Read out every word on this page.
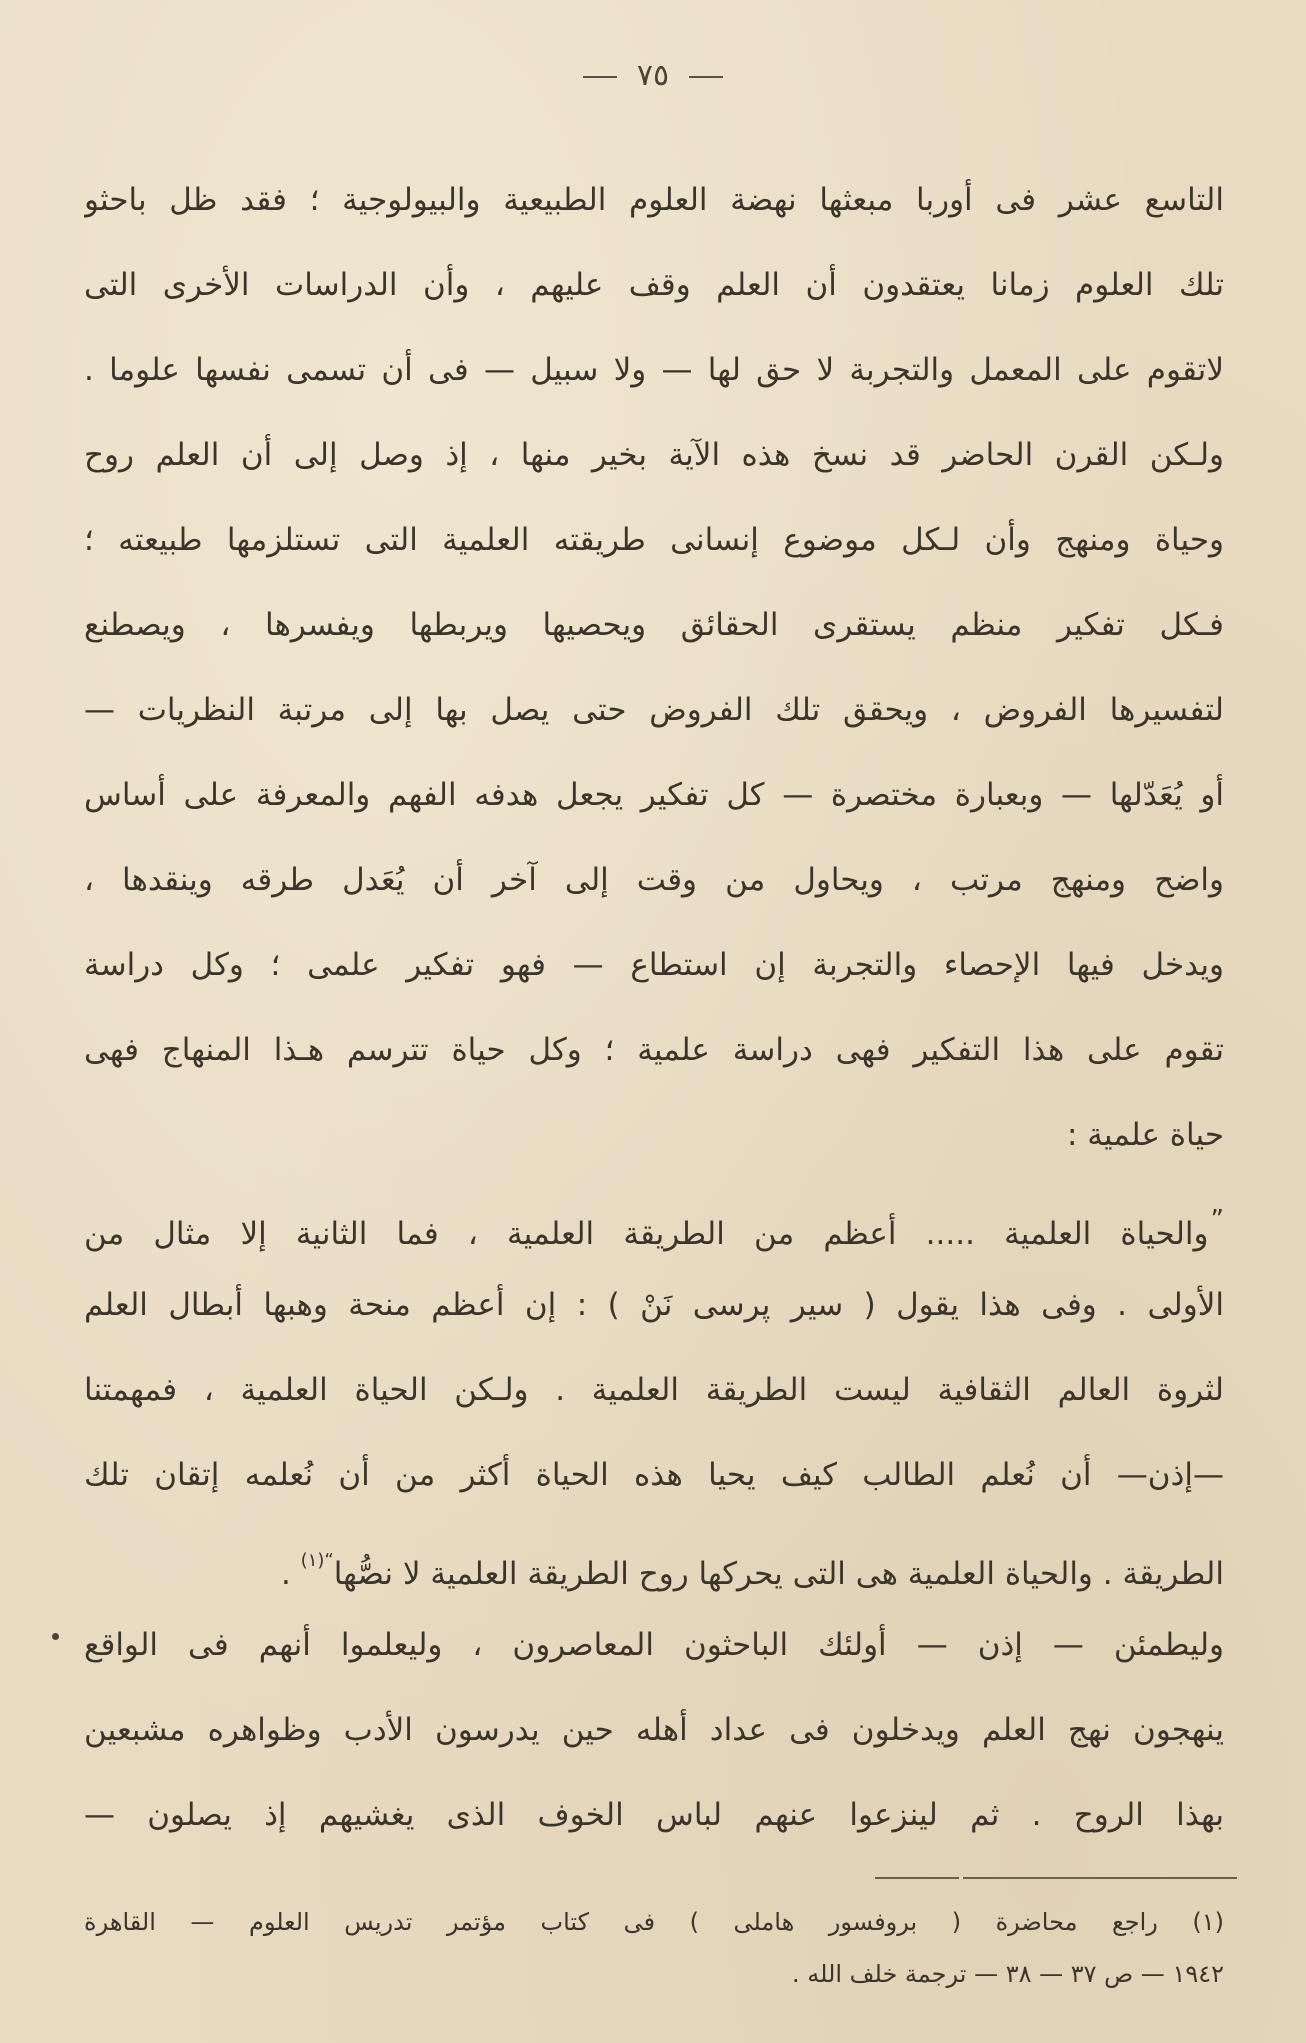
٧٥
التاسع عشر فى أوربا مبعثها نهضة العلوم الطبيعية والبيولوجية ؛ فقد ظل باحثو
تلك العلوم زمانا يعتقدون أن العلم وقف عليهم ، وأن الدراسات الأخرى التى
لاتقوم على المعمل والتجربة لا حق لها — ولا سبيل — فى أن تسمى نفسها علوما .
ولـكن القرن الحاضر قد نسخ هذه الآية بخير منها ، إذ وصل إلى أن العلم روح
وحياة ومنهج وأن لـكل موضوع إنسانى طريقته العلمية التى تستلزمها طبيعته ؛
فـكل تفكير منظم يستقرى الحقائق ويحصيها ويربطها ويفسرها ، ويصطنع
لتفسيرها الفروض ، ويحقق تلك الفروض حتى يصل بها إلى مرتبة النظريات —
أو يُعَدّلها — وبعبارة مختصرة — كل تفكير يجعل هدفه الفهم والمعرفة على أساس
واضح ومنهج مرتب ، ويحاول من وقت إلى آخر أن يُعَدل طرقه وينقدها ،
ويدخل فيها الإحصاء والتجربة إن استطاع — فهو تفكير علمى ؛ وكل دراسة
تقوم على هذا التفكير فهى دراسة علمية ؛ وكل حياة تترسم هـذا المنهاج فهى
حياة علمية :
”والحياة العلمية ..... أعظم من الطريقة العلمية ، فما الثانية إلا مثال من
الأولى . وفى هذا يقول ( سير پرسى نَنْ ) : إن أعظم منحة وهبها أبطال العلم
لثروة العالم الثقافية ليست الطريقة العلمية . ولـكن الحياة العلمية ، فمهمتنا
—إذن— أن نُعلم الطالب كيف يحيا هذه الحياة أكثر من أن نُعلمه إتقان تلك
الطريقة . والحياة العلمية هى التى يحركها روح الطريقة العلمية لا نصُّها$^{“(١)}$ .
وليطمئن — إذن — أولئك الباحثون المعاصرون ، وليعلموا أنهم فى الواقع
ينهجون نهج العلم ويدخلون فى عداد أهله حين يدرسون الأدب وظواهره مشبعين
بهذا الروح . ثم لينزعوا عنهم لباس الخوف الذى يغشيهم إذ يصلون —
(١) راجع محاضرة ( بروفسور هاملى ) فى كتاب مؤتمر تدريس العلوم — القاهرة
١٩٤٢ — ص ٣٧ — ٣٨ — ترجمة خلف الله .
